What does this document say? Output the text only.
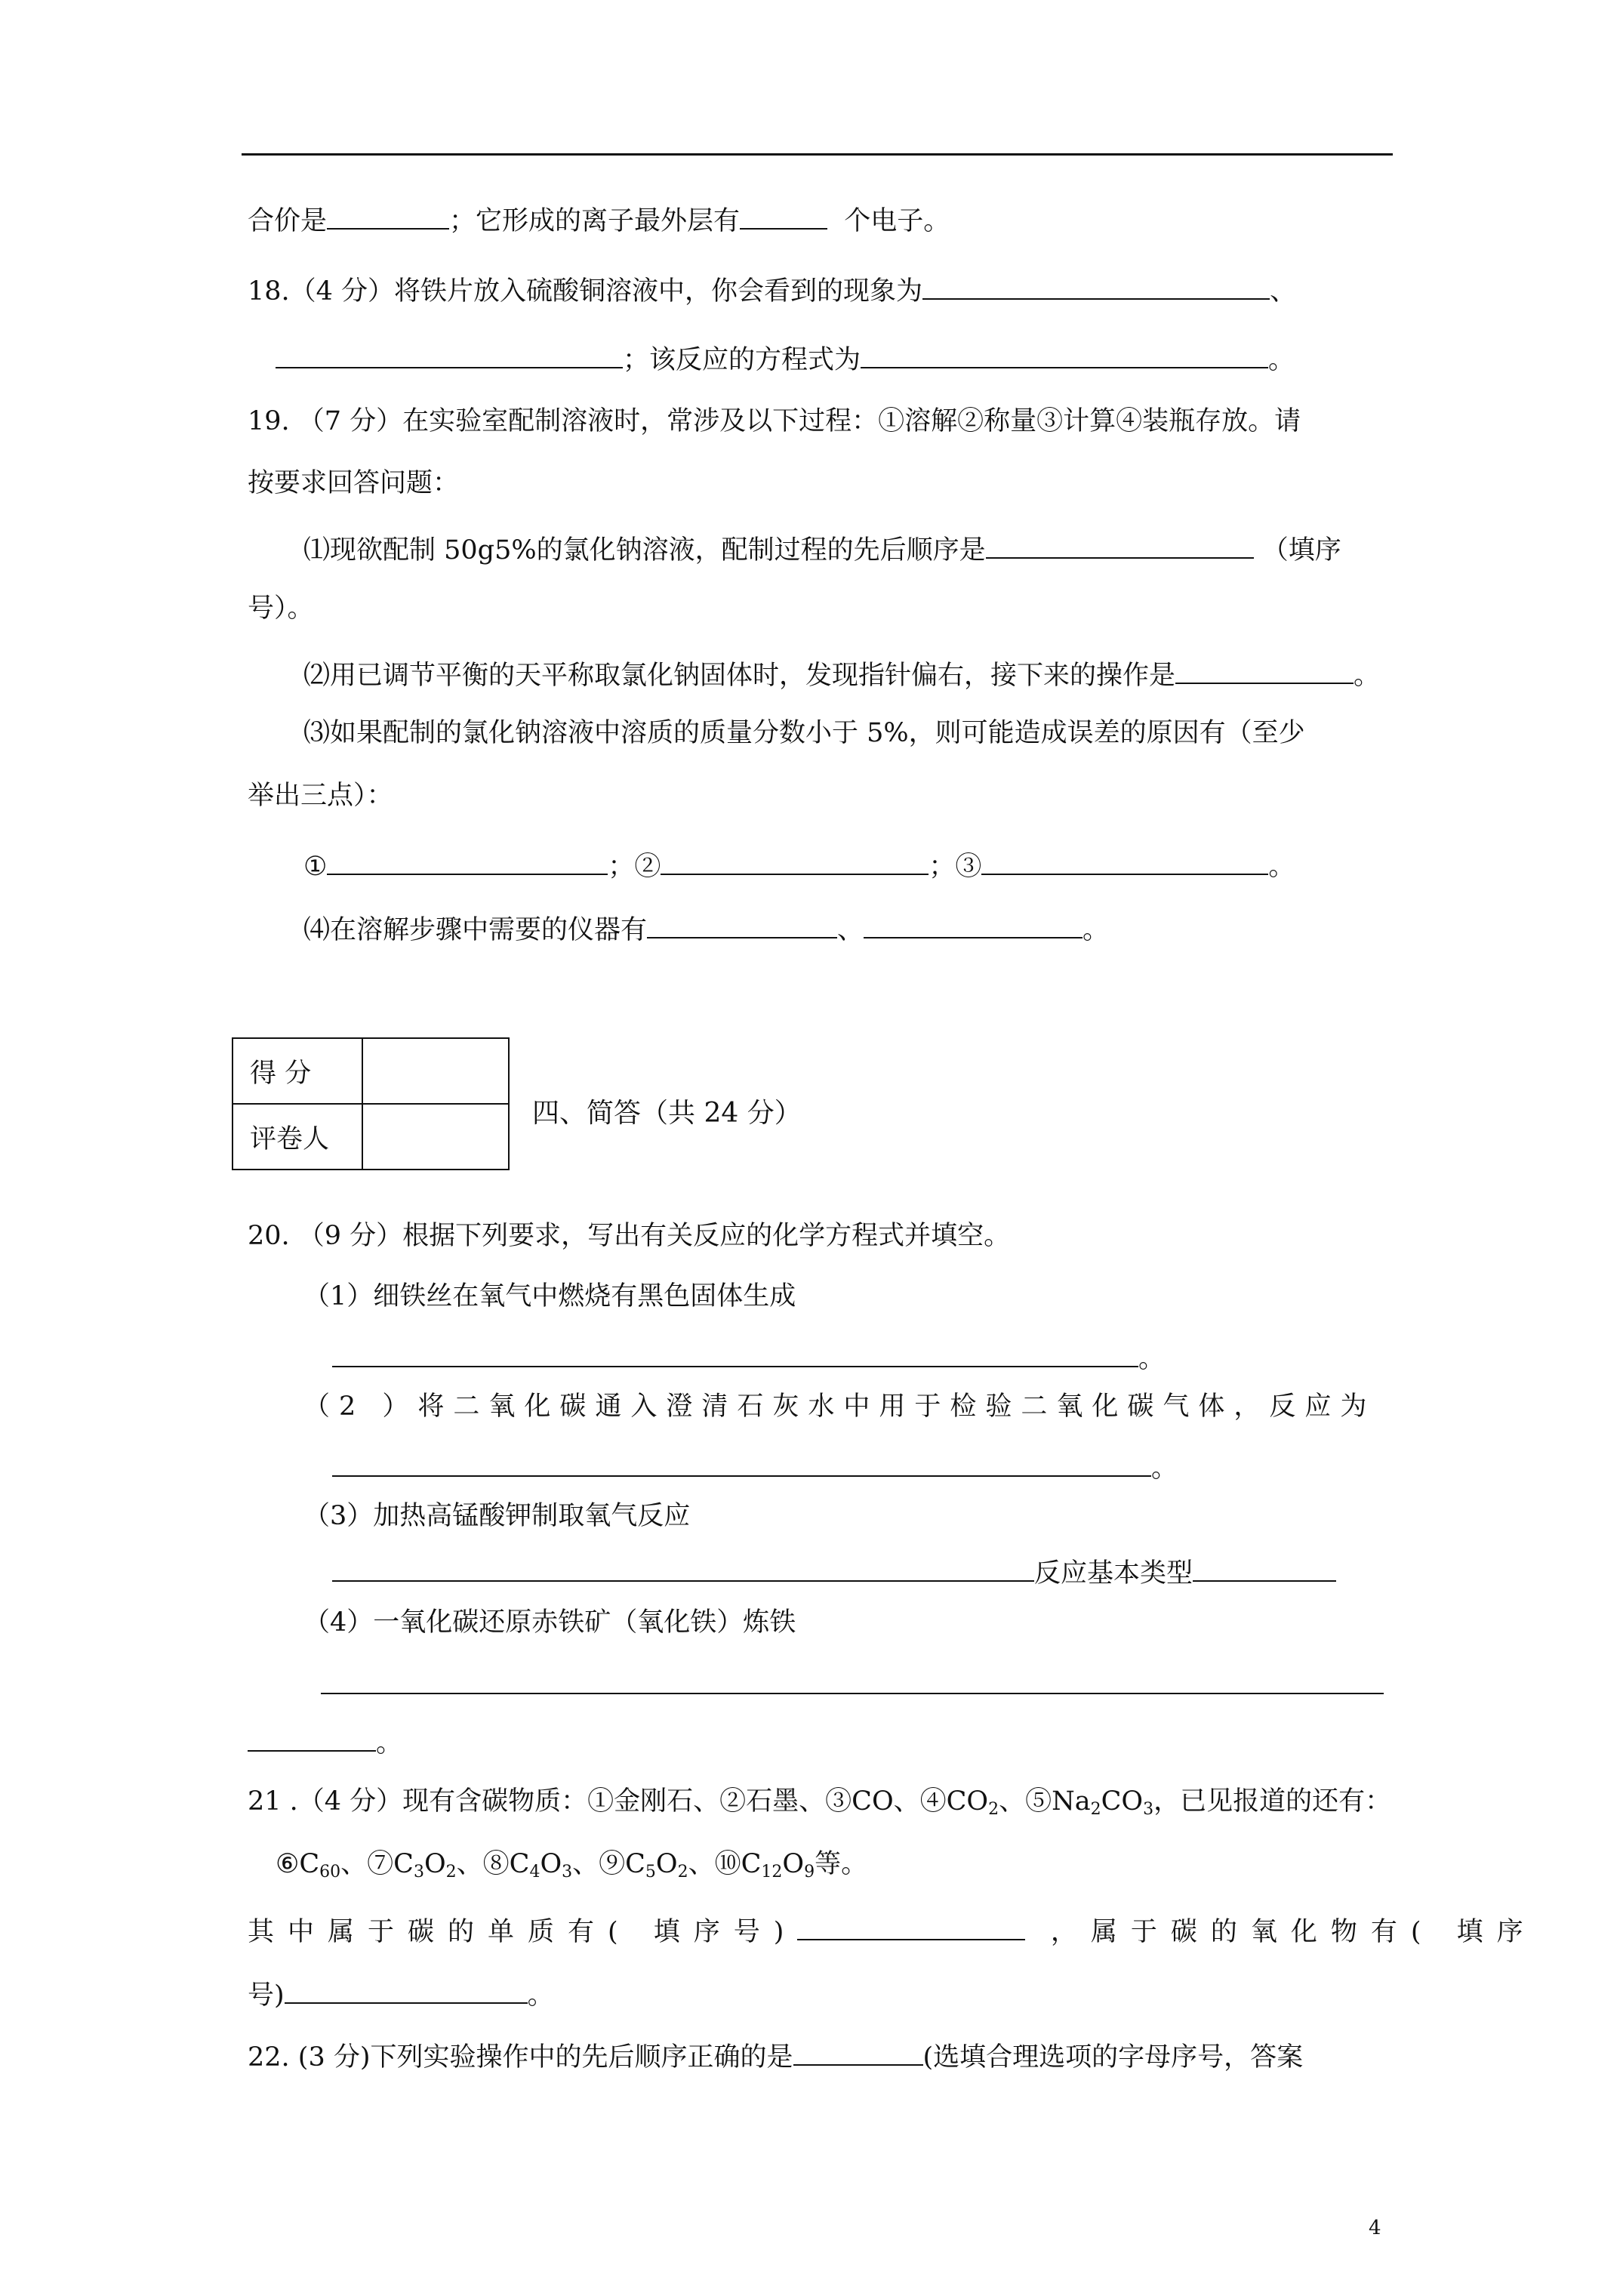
合价是	；它形成的离子最外层有	个电子。
18.（4 分）将铁片放入硫酸铜溶液中，你会看到的现象为	、
；该反应的方程式为	。
19. （7 分）在实验室配制溶液时，常涉及以下过程：①溶解②称量③计算④装瓶存放。请
按要求回答问题：
⑴现欲配制 50g5%的氯化钠溶液，配制过程的先后顺序是	（填序
号）。
⑵用已调节平衡的天平称取氯化钠固体时，发现指针偏右，接下来的操作是	。
⑶如果配制的氯化钠溶液中溶质的质量分数小于 5%，则可能造成误差的原因有（至少
举出三点）：
①	；②	；③	。
⑷在溶解步骤中需要的仪器有	、	。
得 分	
评卷人	
四、简答（共 24 分）
20. （9 分）根据下列要求，写出有关反应的化学方程式并填空。
（1）细铁丝在氧气中燃烧有黑色固体生成
。
（2 ）将二氧化碳通入澄清石灰水中用于检验二氧化碳气体，反应为
。
（3）加热高锰酸钾制取氧气反应
反应基本类型
（4）一氧化碳还原赤铁矿（氧化铁）炼铁
。
21 .（4 分）现有含碳物质：①金刚石、②石墨、③CO、$④CO_2$、$⑤Na_2CO_3$，已见报道的还有：
$⑥C_{60}$、$⑦C_3O_2$、$⑧C_4O_3$、$⑨C_5O_2$、$⑩C_{12}O_9$等。
其中属于碳的单质有( 填序号)	，属于碳的氧化物有( 填序
号)	。
22. (3 分)下列实验操作中的先后顺序正确的是	(选填合理选项的字母序号，答案
4
